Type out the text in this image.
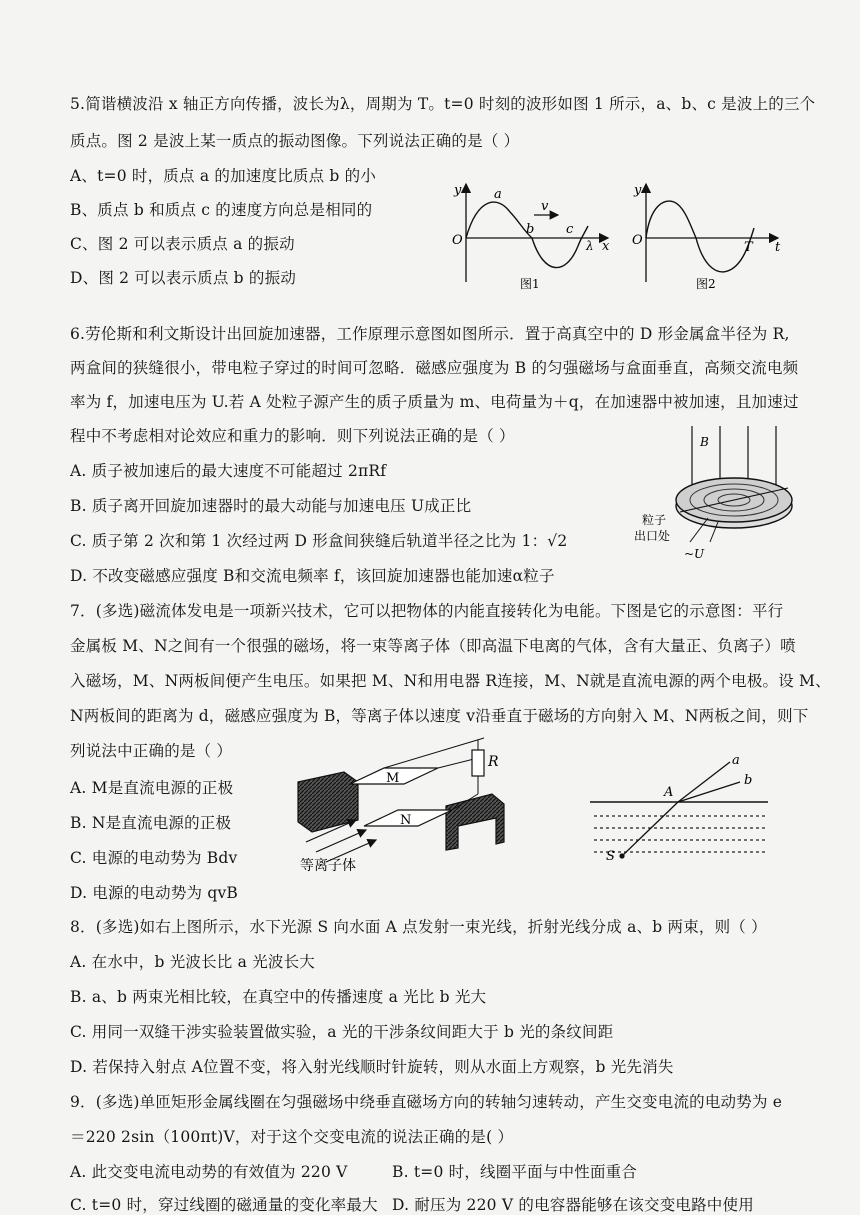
5.简谐横波沿 x 轴正方向传播，波长为λ，周期为 T。t=0 时刻的波形如图 1 所示，a、b、c 是波上的三个
质点。图 2 是波上某一质点的振动图像。下列说法正确的是（ ）
A、t=0 时，质点 a 的加速度比质点 b 的小
B、质点 b 和质点 c 的速度方向总是相同的
C、图 2 可以表示质点 a 的振动
D、图 2 可以表示质点 b 的振动
y
O
a
v
b c
λ x
图1
y
O	T t
图2
6.劳伦斯和利文斯设计出回旋加速器，工作原理示意图如图所示．置于高真空中的 D 形金属盒半径为 R,
两盒间的狭缝很小，带电粒子穿过的时间可忽略．磁感应强度为 B 的匀强磁场与盒面垂直，高频交流电频
率为 f，加速电压为 U.若 A 处粒子源产生的质子质量为 m、电荷量为＋q，在加速器中被加速，且加速过
程中不考虑相对论效应和重力的影响．则下列说法正确的是（ ）
A. 质子被加速后的最大速度不可能超过 2πRf
B. 质子离开回旋加速器时的最大动能与加速电压 U成正比
C. 质子第 2 次和第 1 次经过两 D 形盒间狭缝后轨道半径之比为 1：√2
D. 不改变磁感应强度 B和交流电频率 f，该回旋加速器也能加速α粒子
B
粒子
出口处
~U
7．(多选)磁流体发电是一项新兴技术，它可以把物体的内能直接转化为电能。下图是它的示意图：平行
金属板 M、N之间有一个很强的磁场，将一束等离子体（即高温下电离的气体，含有大量正、负离子）喷
入磁场，M、N两板间便产生电压。如果把 M、N和用电器 R连接，M、N就是直流电源的两个电极。设 M、
N两板间的距离为 d，磁感应强度为 B，等离子体以速度 v沿垂直于磁场的方向射入 M、N两板之间，则下
列说法中正确的是（ ）
A. M是直流电源的正极
B. N是直流电源的正极
C. 电源的电动势为 Bdv
D. 电源的电动势为 qvB
M
N
R
等离子体
a
b
A
S
8．(多选)如右上图所示，水下光源 S 向水面 A 点发射一束光线，折射光线分成 a、b 两束，则（ ）
A. 在水中，b 光波长比 a 光波长大
B. a、b 两束光相比较，在真空中的传播速度 a 光比 b 光大
C. 用同一双缝干涉实验装置做实验，a 光的干涉条纹间距大于 b 光的条纹间距
D. 若保持入射点 A位置不变，将入射光线顺时针旋转，则从水面上方观察，b 光先消失
9．(多选)单匝矩形金属线圈在匀强磁场中绕垂直磁场方向的转轴匀速转动，产生交变电流的电动势为 e
＝220 2sin（100πt)V，对于这个交变电流的说法正确的是( ）
A. 此交变电流电动势的有效值为 220 V	B. t=0 时，线圈平面与中性面重合
C. t=0 时，穿过线圈的磁通量的变化率最大 D. 耐压为 220 V 的电容器能够在该交变电路中使用
